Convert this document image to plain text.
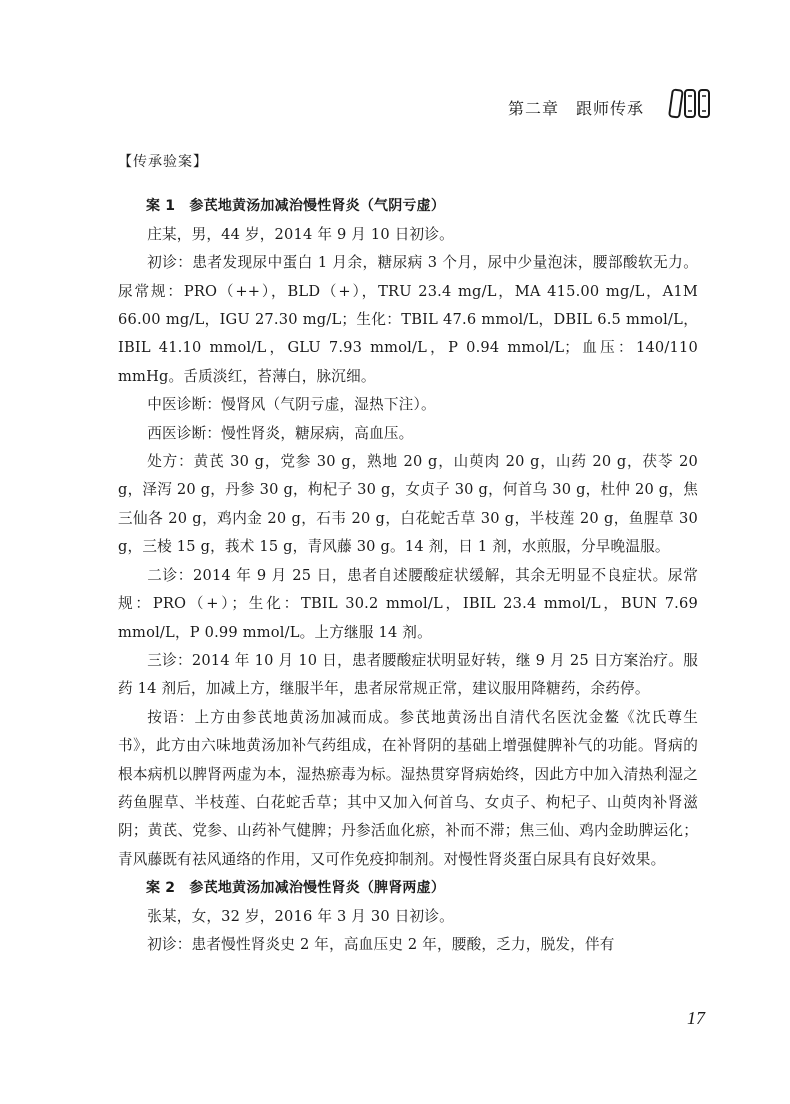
第二章　跟师传承

【传承验案】

案 1　参芪地黄汤加减治慢性肾炎（气阴亏虚）

庄某，男，44 岁，2014 年 9 月 10 日初诊。

初诊：患者发现尿中蛋白 1 月余，糖尿病 3 个月，尿中少量泡沫，腰部酸软无力。尿常规：PRO（++），BLD（+），TRU 23.4 mg/L，MA 415.00 mg/L，A1M 66.00 mg/L，IGU 27.30 mg/L；生化：TBIL 47.6 mmol/L，DBIL 6.5 mmol/L，IBIL 41.10 mmol/L，GLU 7.93 mmol/L，P 0.94 mmol/L；血压：140/110 mmHg。舌质淡红，苔薄白，脉沉细。

中医诊断：慢肾风（气阴亏虚，湿热下注）。

西医诊断：慢性肾炎，糖尿病，高血压。

处方：黄芪 30 g，党参 30 g，熟地 20 g，山萸肉 20 g，山药 20 g，茯苓 20 g，泽泻 20 g，丹参 30 g，枸杞子 30 g，女贞子 30 g，何首乌 30 g，杜仲 20 g，焦三仙各 20 g，鸡内金 20 g，石韦 20 g，白花蛇舌草 30 g，半枝莲 20 g，鱼腥草 30 g，三棱 15 g，莪术 15 g，青风藤 30 g。14 剂，日 1 剂，水煎服，分早晚温服。

二诊：2014 年 9 月 25 日，患者自述腰酸症状缓解，其余无明显不良症状。尿常规：PRO（+）；生化：TBIL 30.2 mmol/L，IBIL 23.4 mmol/L，BUN 7.69 mmol/L，P 0.99 mmol/L。上方继服 14 剂。

三诊：2014 年 10 月 10 日，患者腰酸症状明显好转，继 9 月 25 日方案治疗。服药 14 剂后，加减上方，继服半年，患者尿常规正常，建议服用降糖药，余药停。

按语：上方由参芪地黄汤加减而成。参芪地黄汤出自清代名医沈金鳌《沈氏尊生书》，此方由六味地黄汤加补气药组成，在补肾阴的基础上增强健脾补气的功能。肾病的根本病机以脾肾两虚为本，湿热瘀毒为标。湿热贯穿肾病始终，因此方中加入清热利湿之药鱼腥草、半枝莲、白花蛇舌草；其中又加入何首乌、女贞子、枸杞子、山萸肉补肾滋阴；黄芪、党参、山药补气健脾；丹参活血化瘀，补而不滞；焦三仙、鸡内金助脾运化；青风藤既有祛风通络的作用，又可作免疫抑制剂。对慢性肾炎蛋白尿具有良好效果。

案 2　参芪地黄汤加减治慢性肾炎（脾肾两虚）

张某，女，32 岁，2016 年 3 月 30 日初诊。

初诊：患者慢性肾炎史 2 年，高血压史 2 年，腰酸，乏力，脱发，伴有

17
